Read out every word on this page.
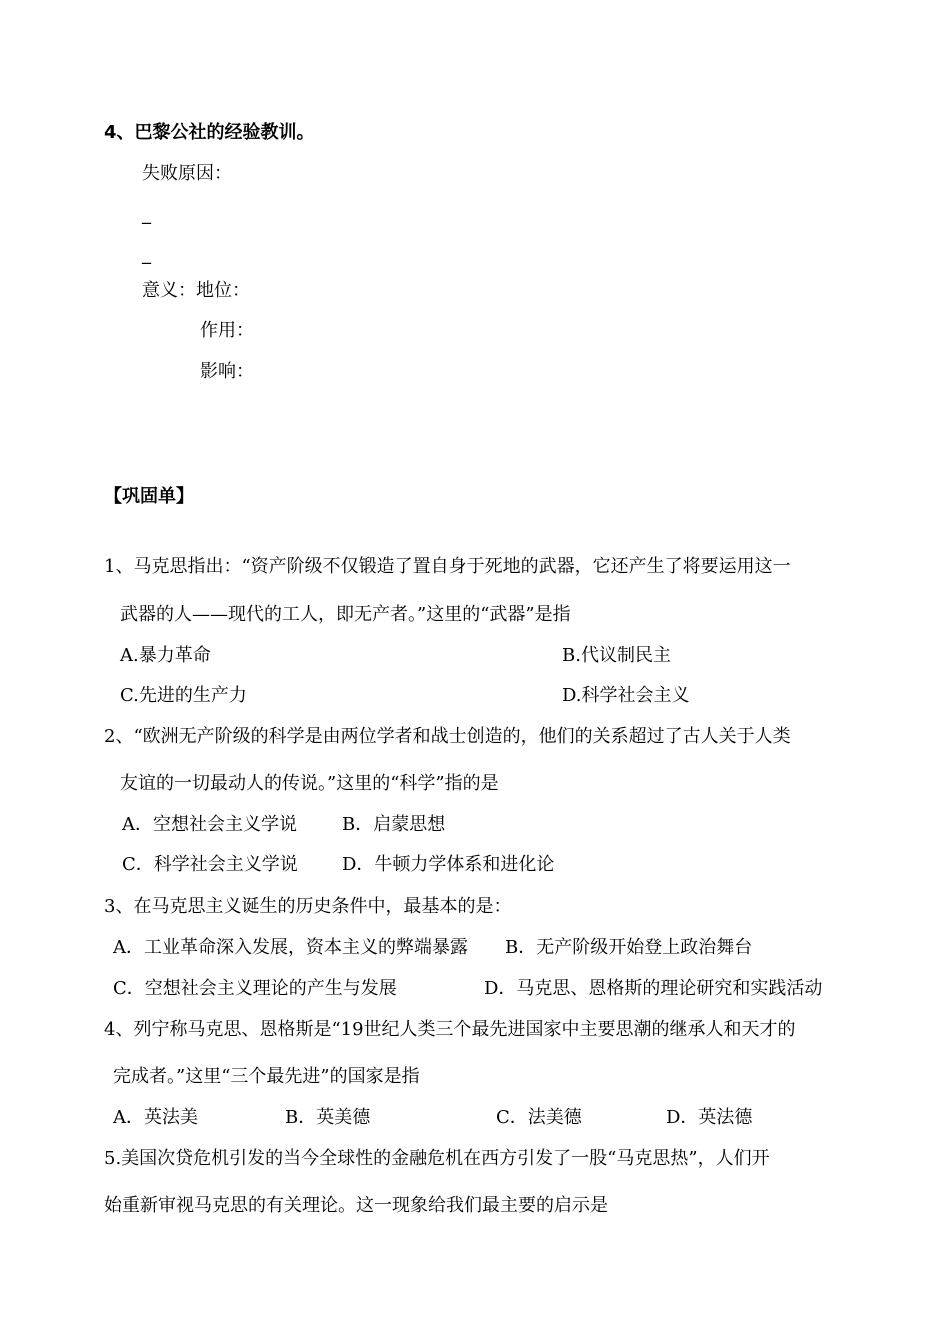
4、巴黎公社的经验教训。
失败原因：
_
_
意义：地位：
作用：
影响：
【巩固单】
1、马克思指出：“资产阶级不仅锻造了置自身于死地的武器，它还产生了将要运用这一
武器的人——现代的工人，即无产者。”这里的“武器”是指
A.暴力革命	B.代议制民主
C.先进的生产力	D.科学社会主义
2、“欧洲无产阶级的科学是由两位学者和战士创造的，他们的关系超过了古人关于人类
友谊的一切最动人的传说。”这里的“科学”指的是
A．空想社会主义学说	B．启蒙思想
C．科学社会主义学说 D．牛顿力学体系和进化论
3、在马克思主义诞生的历史条件中，最基本的是：
A．工业革命深入发展，资本主义的弊端暴露 B．无产阶级开始登上政治舞台
C．空想社会主义理论的产生与发展	D．马克思、恩格斯的理论研究和实践活动
4、列宁称马克思、恩格斯是“19世纪人类三个最先进国家中主要思潮的继承人和天才的
完成者。”这里“三个最先进”的国家是指
A．英法美	B．英美德	C．法美德	D．英法德
5.美国次贷危机引发的当今全球性的金融危机在西方引发了一股“马克思热”，人们开
始重新审视马克思的有关理论。这一现象给我们最主要的启示是
